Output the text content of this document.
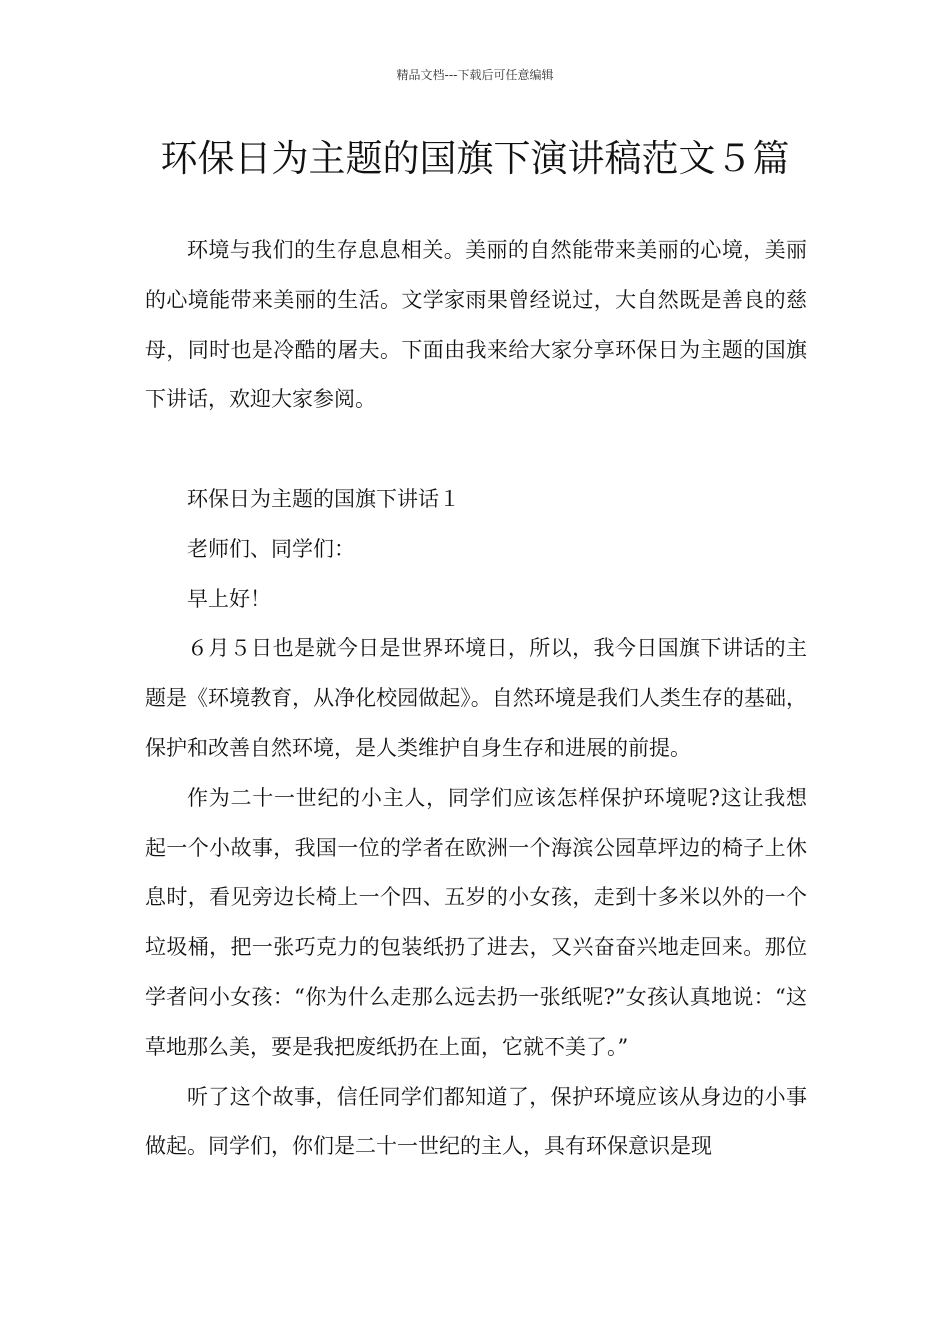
精品文档---下载后可任意编辑
环保日为主题的国旗下演讲稿范文５篇

环境与我们的生存息息相关。美丽的自然能带来美丽的心境，美丽的心境能带来美丽的生活。文学家雨果曾经说过，大自然既是善良的慈母，同时也是冷酷的屠夫。下面由我来给大家分享环保日为主题的国旗下讲话，欢迎大家参阅。

环保日为主题的国旗下讲话１

老师们、同学们：

早上好！

６月５日也是就今日是世界环境日，所以，我今日国旗下讲话的主题是《环境教育，从净化校园做起》。自然环境是我们人类生存的基础，保护和改善自然环境，是人类维护自身生存和进展的前提。

作为二十一世纪的小主人，同学们应该怎样保护环境呢?这让我想起一个小故事，我国一位的学者在欧洲一个海滨公园草坪边的椅子上休息时，看见旁边长椅上一个四、五岁的小女孩，走到十多米以外的一个垃圾桶，把一张巧克力的包装纸扔了进去，又兴奋奋兴地走回来。那位学者问小女孩：“你为什么走那么远去扔一张纸呢?”女孩认真地说：“这草地那么美，要是我把废纸扔在上面，它就不美了。”

听了这个故事，信任同学们都知道了，保护环境应该从身边的小事做起。同学们，你们是二十一世纪的主人，具有环保意识是现
